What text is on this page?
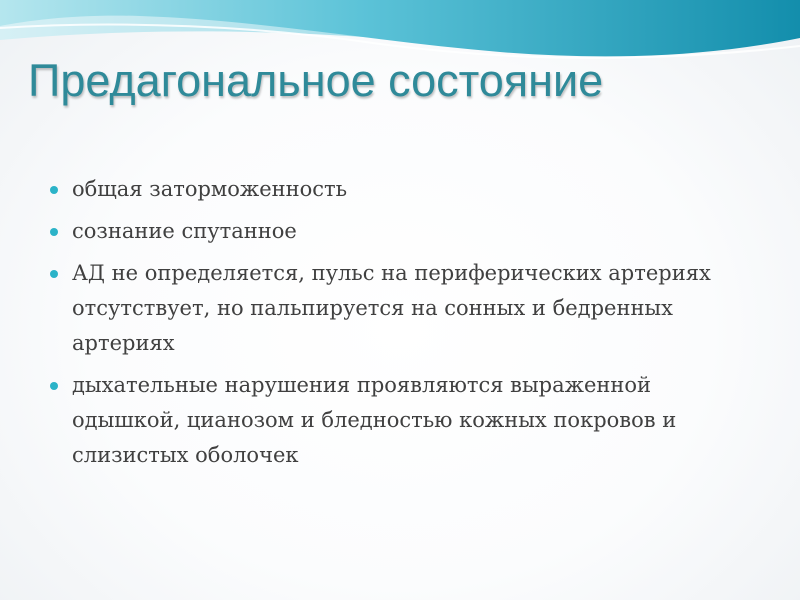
Предагональное состояние
общая заторможенность
сознание спутанное
АД не определяется, пульс на периферических артериях отсутствует, но пальпируется на сонных и бедренных артериях
дыхательные нарушения проявляются выраженной одышкой, цианозом и бледностью кожных покровов и слизистых оболочек
